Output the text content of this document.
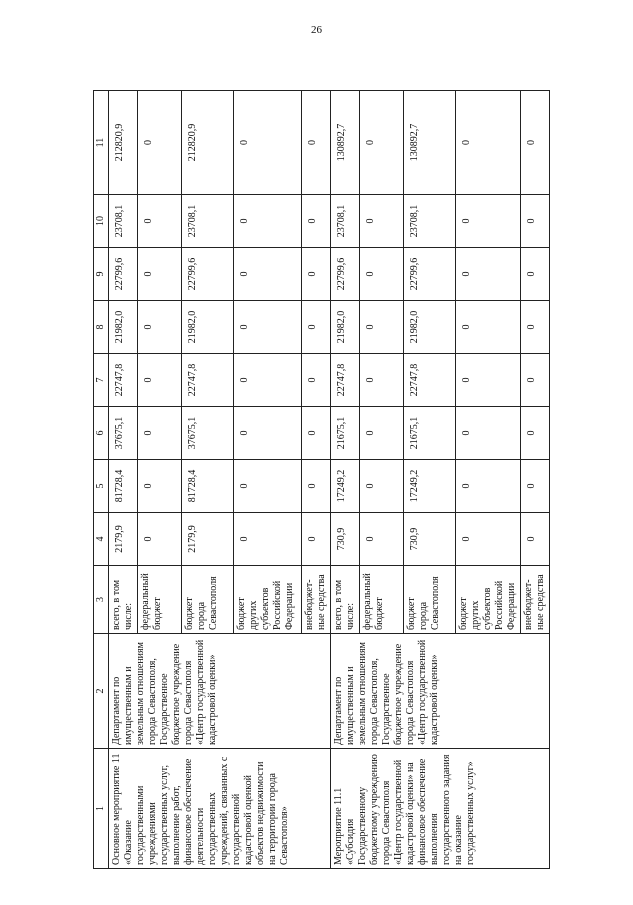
26
1	2	3	4	5	6	7	8	9	10	11
Основное мероприятие 11 «Оказание государственными учреждениями государственных услуг, выполнение работ, финансовое обеспечение деятельности государственных учреждений, связанных с государственной кадастровой оценкой объектов недвижимости на территории города Севастополя»	Департамент по имущественным и земельным отношениям города Севастополя, Государственное бюджетное учреждение города Севастополя «Центр государственной кадастровой оценки»	всего, в том числе:	2179,9	81728,4	37675,1	22747,8	21982,0	22799,6	23708,1	212820,9
		федеральный бюджет	0	0	0	0	0	0	0	0
		бюджет города Севастополя	2179,9	81728,4	37675,1	22747,8	21982,0	22799,6	23708,1	212820,9
		бюджет других субъектов Российской Федерации	0	0	0	0	0	0	0	0
		внебюджет-ные средства	0	0	0	0	0	0	0	0
Мероприятие 11.1 «Субсидия Государственному бюджетному учреждению города Севастополя «Центр государственной кадастровой оценки» на финансовое обеспечение выполнения государственного задания на оказание государственных услуг»	Департамент по имущественным и земельным отношениям города Севастополя, Государственное бюджетное учреждение города Севастополя «Центр государственной кадастровой оценки»	всего, в том числе:	730,9	17249,2	21675,1	22747,8	21982,0	22799,6	23708,1	130892,7
		федеральный бюджет	0	0	0	0	0	0	0	0
		бюджет города Севастополя	730,9	17249,2	21675,1	22747,8	21982,0	22799,6	23708,1	130892,7
		бюджет других субъектов Российской Федерации	0	0	0	0	0	0	0	0
		внебюджет-ные средства	0	0	0	0	0	0	0	0
